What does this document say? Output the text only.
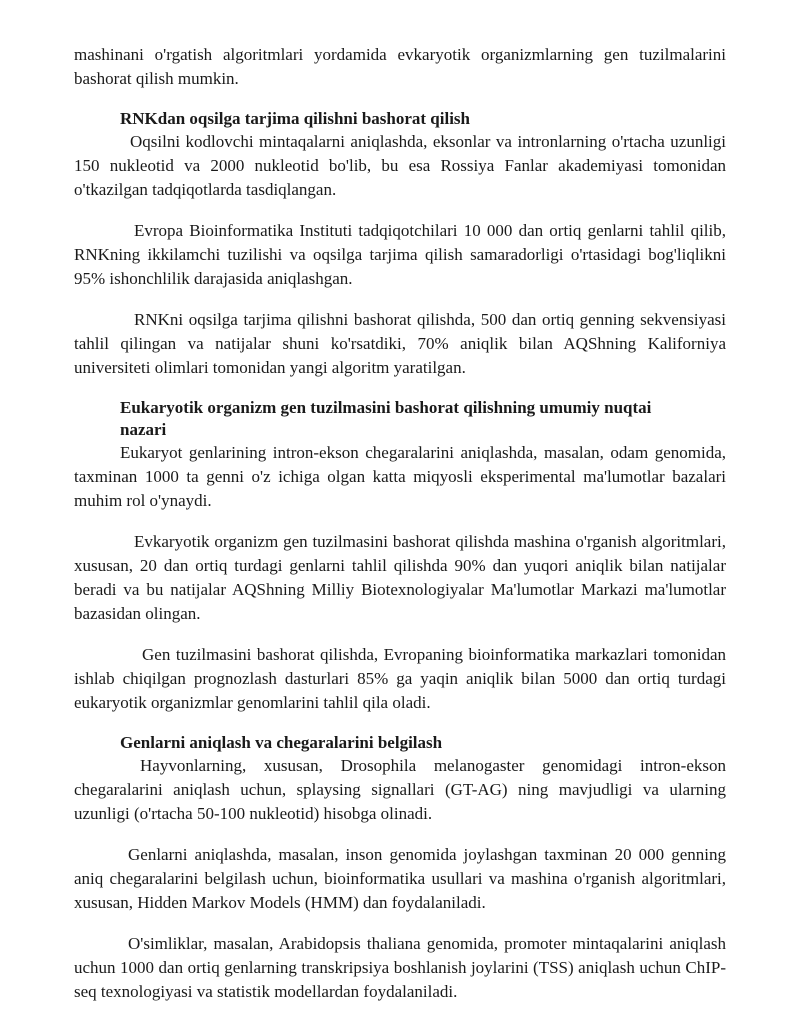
mashinani o'rgatish algoritmlari yordamida evkaryotik organizmlarning gen tuzilmalarini bashorat qilish mumkin.

RNKdan oqsilga tarjima qilishni bashorat qilish

Oqsilni kodlovchi mintaqalarni aniqlashda, eksonlar va intronlarning o'rtacha uzunligi 150 nukleotid va 2000 nukleotid bo'lib, bu esa Rossiya Fanlar akademiyasi tomonidan o'tkazilgan tadqiqotlarda tasdiqlangan.

Evropa Bioinformatika Instituti tadqiqotchilari 10 000 dan ortiq genlarni tahlil qilib, RNKning ikkilamchi tuzilishi va oqsilga tarjima qilish samaradorligi o'rtasidagi bog'liqlikni 95% ishonchlilik darajasida aniqlashgan.

RNKni oqsilga tarjima qilishni bashorat qilishda, 500 dan ortiq genning sekvensiyasi tahlil qilingan va natijalar shuni ko'rsatdiki, 70% aniqlik bilan AQShning Kaliforniya universiteti olimlari tomonidan yangi algoritm yaratilgan.

Eukaryotik organizm gen tuzilmasini bashorat qilishning umumiy nuqtai nazari

Eukaryot genlarining intron-ekson chegaralarini aniqlashda, masalan, odam genomida, taxminan 1000 ta genni o'z ichiga olgan katta miqyosli eksperimental ma'lumotlar bazalari muhim rol o'ynaydi.

Evkaryotik organizm gen tuzilmasini bashorat qilishda mashina o'rganish algoritmlari, xususan, 20 dan ortiq turdagi genlarni tahlil qilishda 90% dan yuqori aniqlik bilan natijalar beradi va bu natijalar AQShning Milliy Biotexnologiyalar Ma'lumotlar Markazi ma'lumotlar bazasidan olingan.

Gen tuzilmasini bashorat qilishda, Evropaning bioinformatika markazlari tomonidan ishlab chiqilgan prognozlash dasturlari 85% ga yaqin aniqlik bilan 5000 dan ortiq turdagi eukaryotik organizmlar genomlarini tahlil qila oladi.

Genlarni aniqlash va chegaralarini belgilash

Hayvonlarning, xususan, Drosophila melanogaster genomidagi intron-ekson chegaralarini aniqlash uchun, splaysing signallari (GT-AG) ning mavjudligi va ularning uzunligi (o'rtacha 50-100 nukleotid) hisobga olinadi.

Genlarni aniqlashda, masalan, inson genomida joylashgan taxminan 20 000 genning aniq chegaralarini belgilash uchun, bioinformatika usullari va mashina o'rganish algoritmlari, xususan, Hidden Markov Models (HMM) dan foydalaniladi.

O'simliklar, masalan, Arabidopsis thaliana genomida, promoter mintaqalarini aniqlash uchun 1000 dan ortiq genlarning transkripsiya boshlanish joylarini (TSS) aniqlash uchun ChIP-seq texnologiyasi va statistik modellardan foydalaniladi.
